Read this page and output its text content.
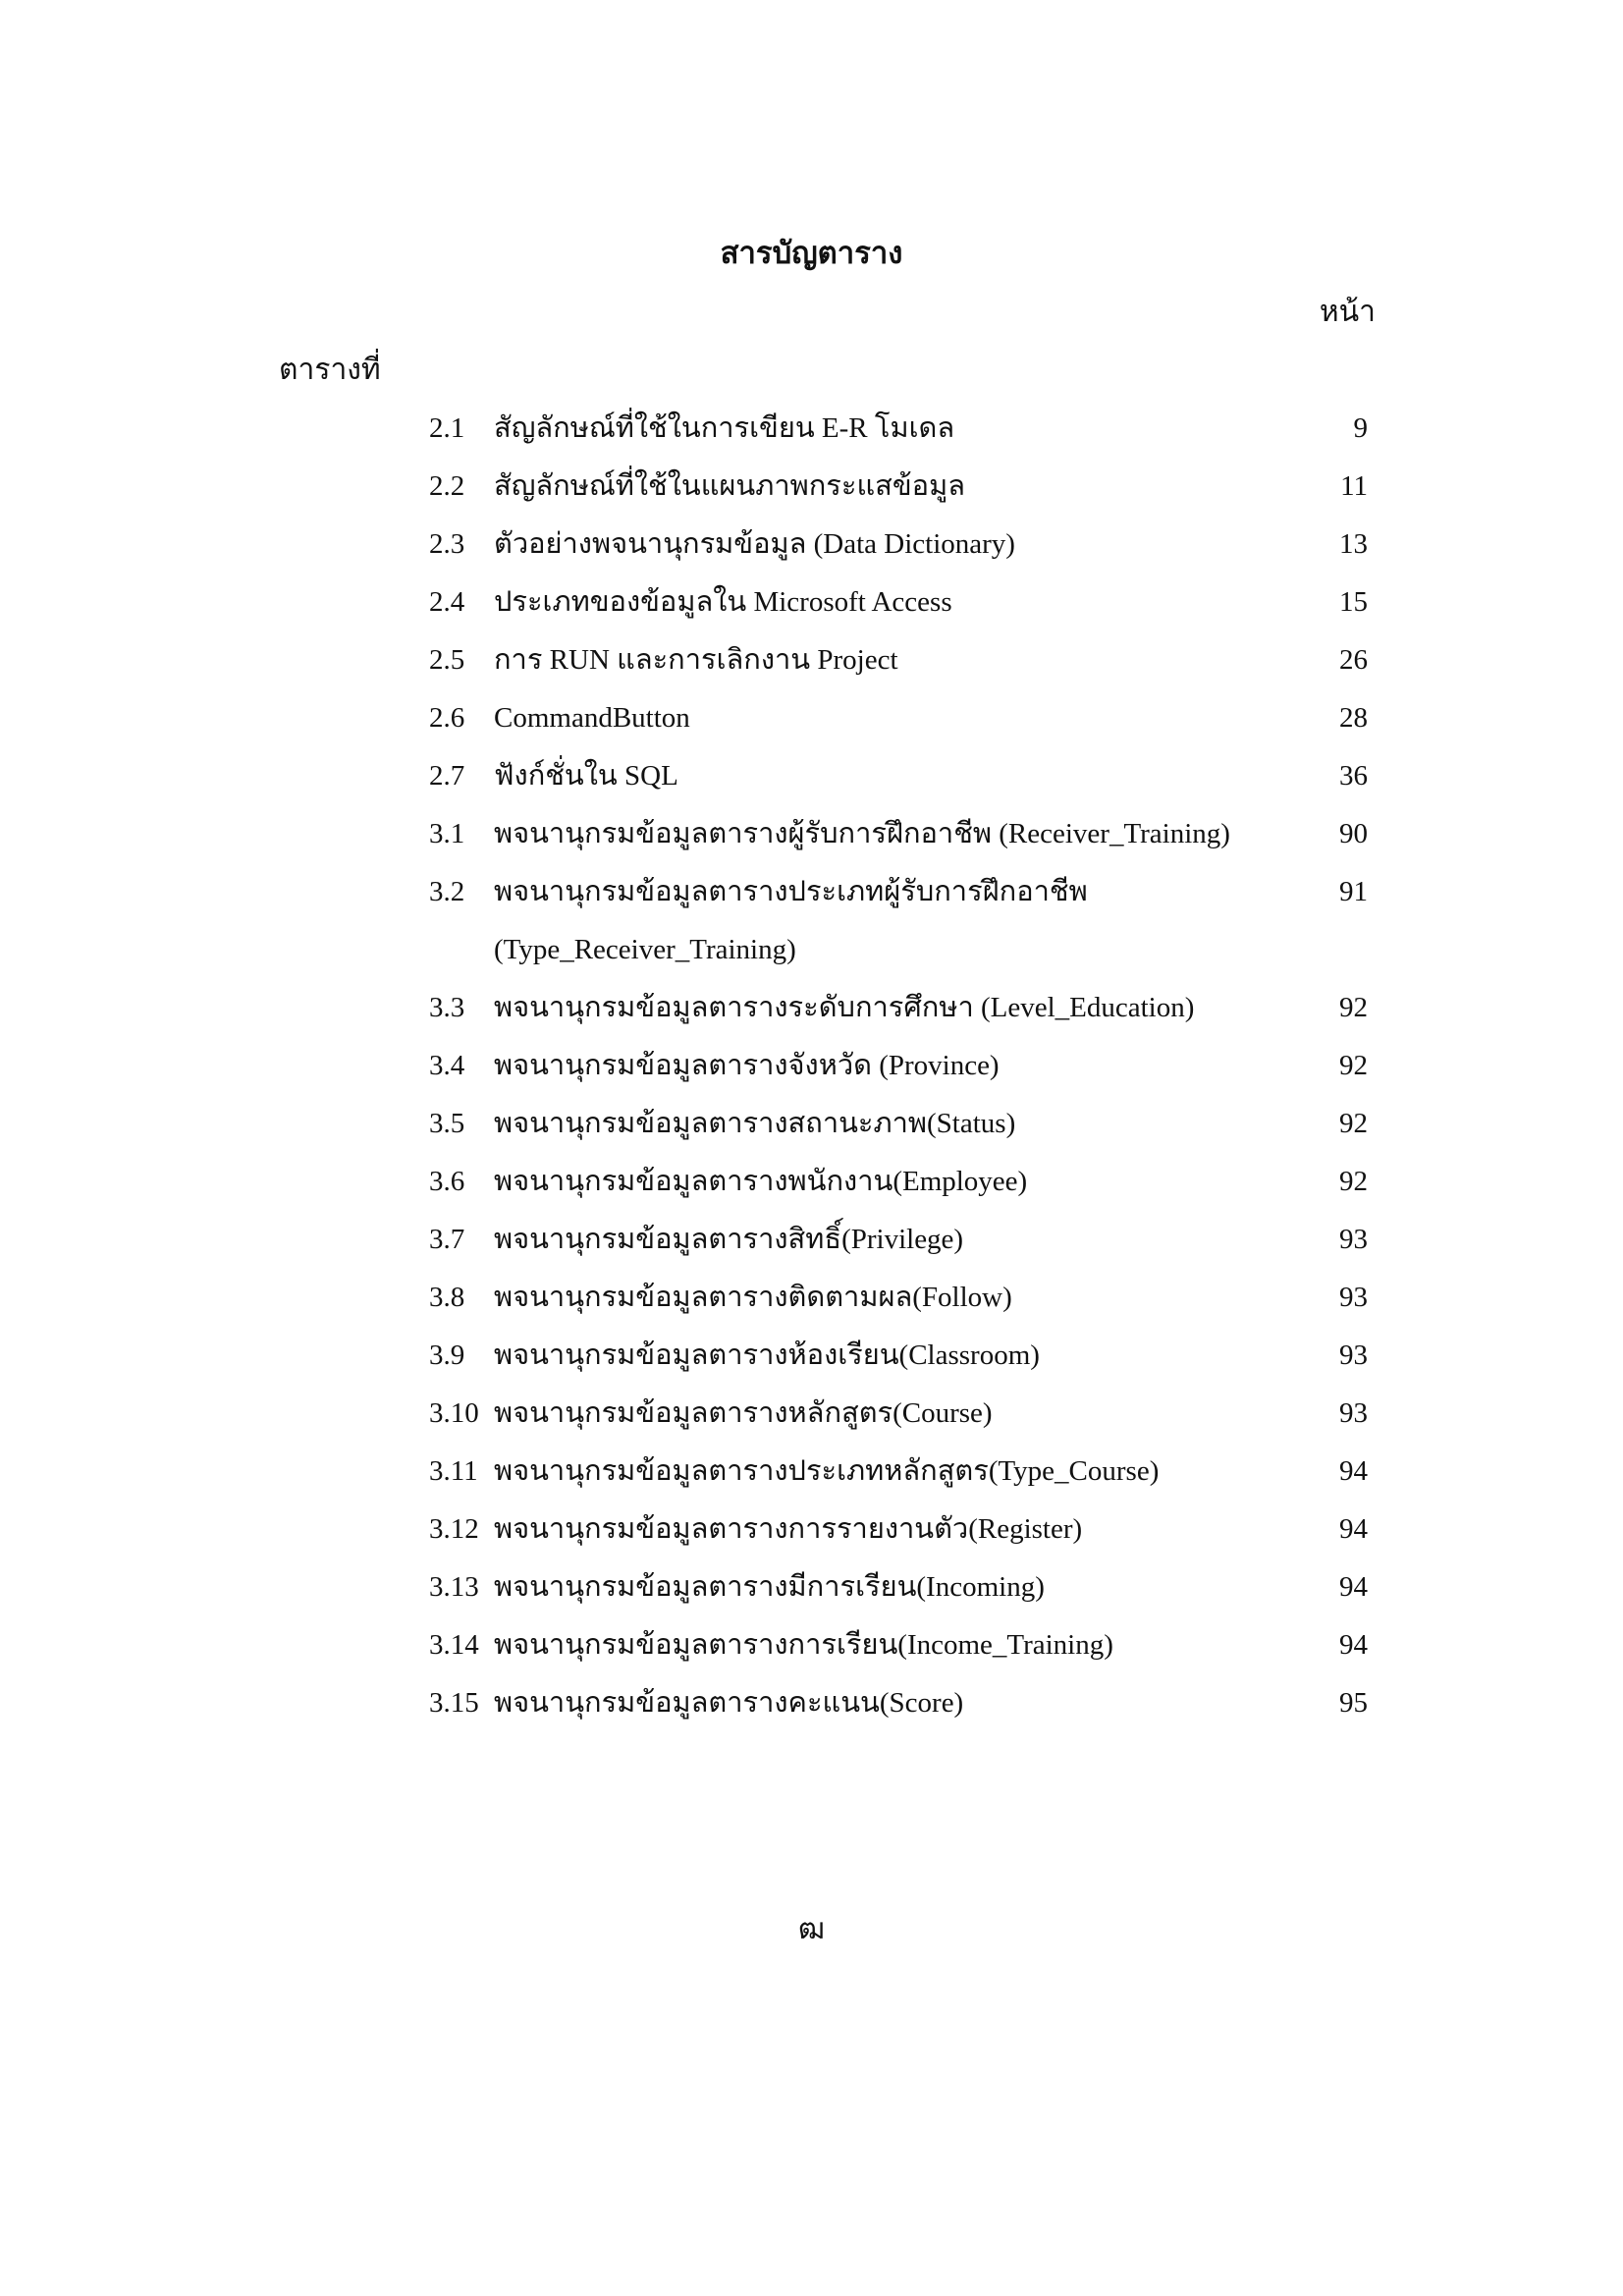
สารบัญตาราง
หน้า
ตารางที่
2.1 สัญลักษณ์ที่ใช้ในการเขียน E-R โมเดล	9
2.2 สัญลักษณ์ที่ใช้ในแผนภาพกระแสข้อมูล	11
2.3 ตัวอย่างพจนานุกรมข้อมูล (Data Dictionary)	13
2.4 ประเภทของข้อมูลใน Microsoft Access	15
2.5 การ RUN และการเลิกงาน Project	26
2.6 CommandButton	28
2.7 ฟังก์ชั่นใน SQL	36
3.1 พจนานุกรมข้อมูลตารางผู้รับการฝึกอาชีพ (Receiver_Training)	90
3.2 พจนานุกรมข้อมูลตารางประเภทผู้รับการฝึกอาชีพ	91
(Type_Receiver_Training)
3.3 พจนานุกรมข้อมูลตารางระดับการศึกษา (Level_Education)	92
3.4 พจนานุกรมข้อมูลตารางจังหวัด (Province)	92
3.5 พจนานุกรมข้อมูลตารางสถานะภาพ(Status)	92
3.6 พจนานุกรมข้อมูลตารางพนักงาน(Employee)	92
3.7 พจนานุกรมข้อมูลตารางสิทธิ์(Privilege)	93
3.8 พจนานุกรมข้อมูลตารางติดตามผล(Follow)	93
3.9 พจนานุกรมข้อมูลตารางห้องเรียน(Classroom)	93
3.10 พจนานุกรมข้อมูลตารางหลักสูตร(Course)	93
3.11 พจนานุกรมข้อมูลตารางประเภทหลักสูตร(Type_Course)	94
3.12 พจนานุกรมข้อมูลตารางการรายงานตัว(Register)	94
3.13 พจนานุกรมข้อมูลตารางมีการเรียน(Incoming)	94
3.14 พจนานุกรมข้อมูลตารางการเรียน(Income_Training)	94
3.15 พจนานุกรมข้อมูลตารางคะแนน(Score)	95
ฒ
